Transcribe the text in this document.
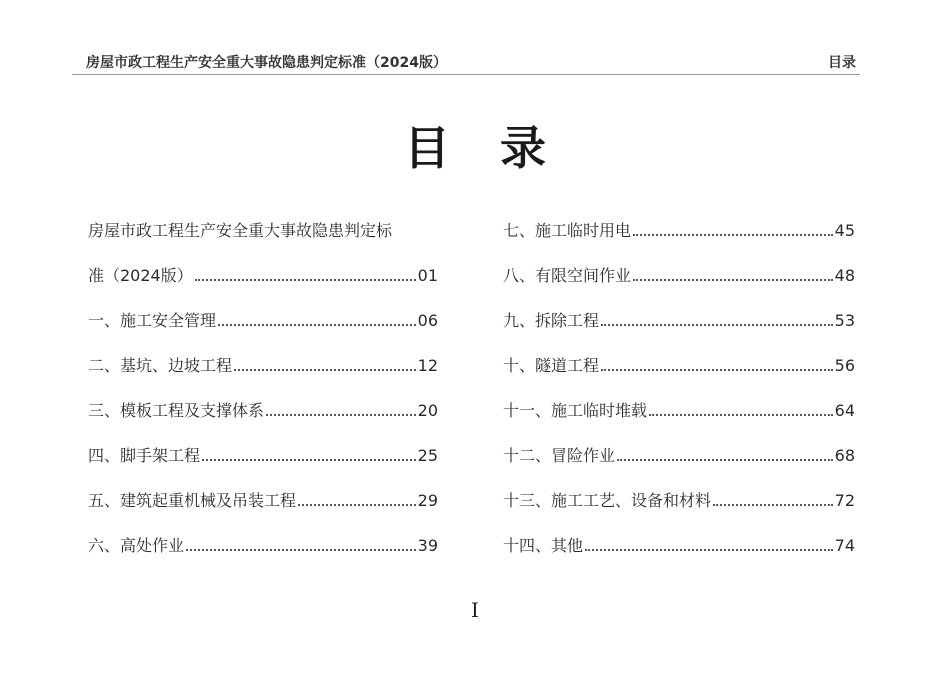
房屋市政工程生产安全重大事故隐患判定标准（2024版）	目录
目录
房屋市政工程生产安全重大事故隐患判定标
准（2024版）	01
一、施工安全管理	06
二、基坑、边坡工程	12
三、模板工程及支撑体系	20
四、脚手架工程	25
五、建筑起重机械及吊装工程	29
六、高处作业	39
七、施工临时用电	45
八、有限空间作业	48
九、拆除工程	53
十、隧道工程	56
十一、施工临时堆载	64
十二、冒险作业	68
十三、施工工艺、设备和材料	72
十四、其他	74
I
